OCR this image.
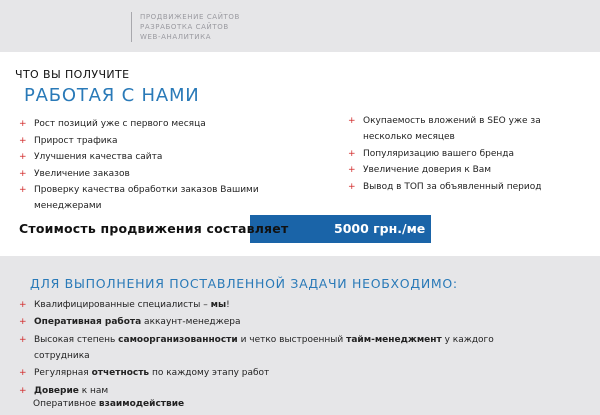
ПРОДВИЖЕНИЕ САЙТОВ
РАЗРАБОТКА САЙТОВ
WEB-АНАЛИТИКА
ЧТО ВЫ ПОЛУЧИТЕ
РАБОТАЯ С НАМИ
+ Рост позиций уже с первого месяца
+ Прирост трафика
+ Улучшения качества сайта
+ Увеличение заказов
+ Проверку качества обработки заказов Вашими менеджерами
+ Окупаемость вложений в SEO уже за несколько месяцев
+ Популяризацию вашего бренда
+ Увеличение доверия к Вам
+ Вывод в ТОП за объявленный период
5000 грн./ме
Стоимость продвижения составляет
ДЛЯ ВЫПОЛНЕНИЯ ПОСТАВЛЕННОЙ ЗАДАЧИ НЕОБХОДИМО:
+ Квалифицированные специалисты – мы!
+ Оперативная работа аккаунт-менеджера
+ Высокая степень самоорганизованности и четко выстроенный тайм-менеджмент у каждого сотрудника
+ Регулярная отчетность по каждому этапу работ
+ Доверие к нам
Оперативное взаимодействие
